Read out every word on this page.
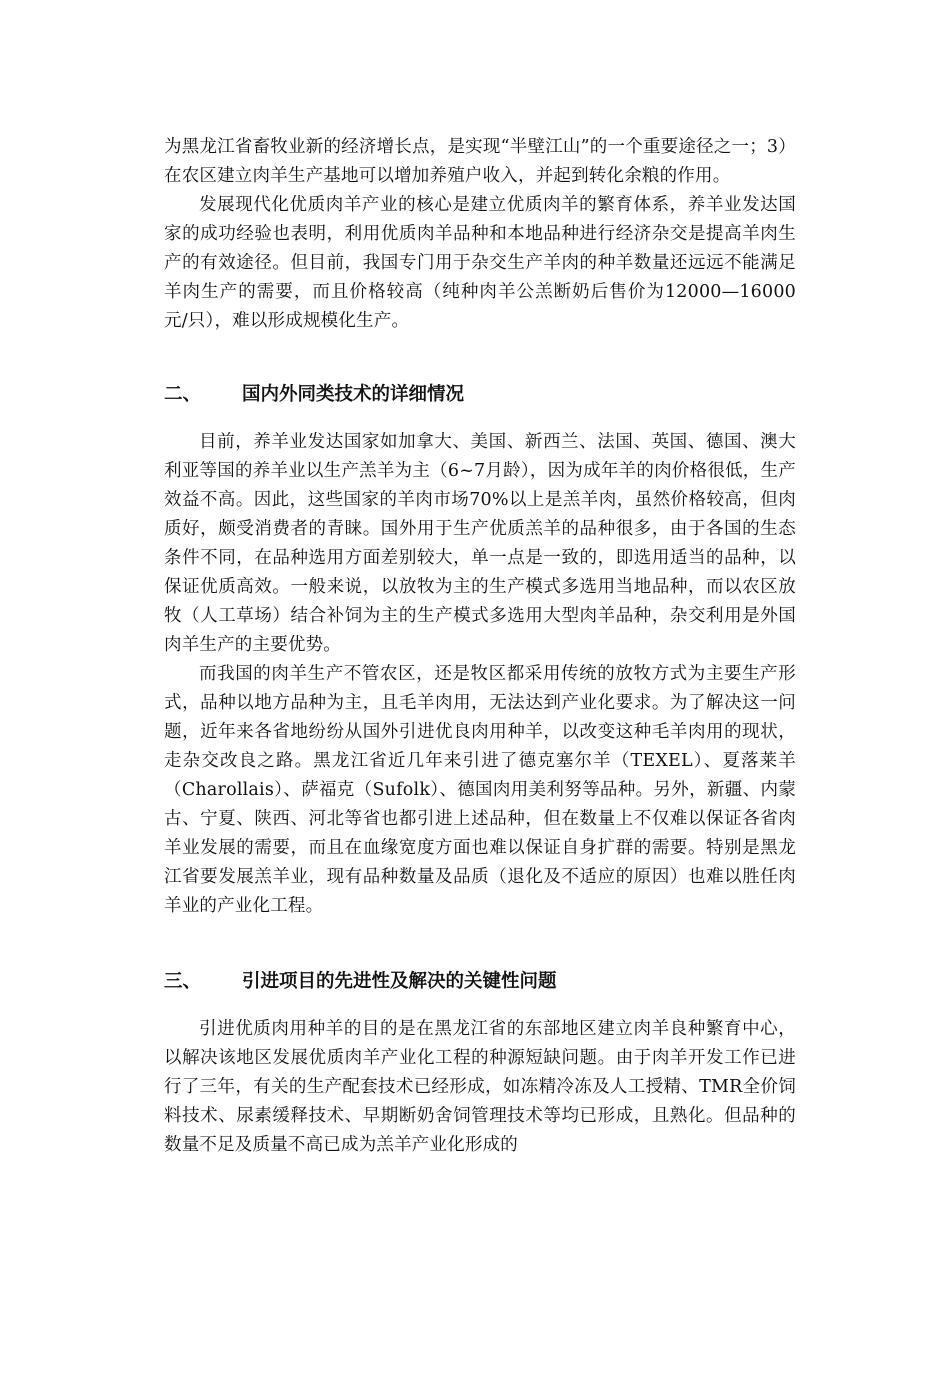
为黑龙江省畜牧业新的经济增长点，是实现“半壁江山”的一个重要途径之一；3）在农区建立肉羊生产基地可以增加养殖户收入，并起到转化余粮的作用。

发展现代化优质肉羊产业的核心是建立优质肉羊的繁育体系，养羊业发达国家的成功经验也表明，利用优质肉羊品种和本地品种进行经济杂交是提高羊肉生产的有效途径。但目前，我国专门用于杂交生产羊肉的种羊数量还远远不能满足羊肉生产的需要，而且价格较高（纯种肉羊公羔断奶后售价为12000—16000元/只），难以形成规模化生产。

二、	国内外同类技术的详细情况

目前，养羊业发达国家如加拿大、美国、新西兰、法国、英国、德国、澳大利亚等国的养羊业以生产羔羊为主（6~7月龄），因为成年羊的肉价格很低，生产效益不高。因此，这些国家的羊肉市场70%以上是羔羊肉，虽然价格较高，但肉质好，颇受消费者的青睐。国外用于生产优质羔羊的品种很多，由于各国的生态条件不同，在品种选用方面差别较大，单一点是一致的，即选用适当的品种，以保证优质高效。一般来说，以放牧为主的生产模式多选用当地品种，而以农区放牧（人工草场）结合补饲为主的生产模式多选用大型肉羊品种，杂交利用是外国肉羊生产的主要优势。

而我国的肉羊生产不管农区，还是牧区都采用传统的放牧方式为主要生产形式，品种以地方品种为主，且毛羊肉用，无法达到产业化要求。为了解决这一问题，近年来各省地纷纷从国外引进优良肉用种羊，以改变这种毛羊肉用的现状，走杂交改良之路。黑龙江省近几年来引进了德克塞尔羊（TEXEL）、夏落莱羊（Charollais）、萨福克（Sufolk）、德国肉用美利努等品种。另外，新疆、内蒙古、宁夏、陕西、河北等省也都引进上述品种，但在数量上不仅难以保证各省肉羊业发展的需要，而且在血缘宽度方面也难以保证自身扩群的需要。特别是黑龙江省要发展羔羊业，现有品种数量及品质（退化及不适应的原因）也难以胜任肉羊业的产业化工程。

三、	引进项目的先进性及解决的关键性问题

引进优质肉用种羊的目的是在黑龙江省的东部地区建立肉羊良种繁育中心，以解决该地区发展优质肉羊产业化工程的种源短缺问题。由于肉羊开发工作已进行了三年，有关的生产配套技术已经形成，如冻精冷冻及人工授精、TMR全价饲料技术、尿素缓释技术、早期断奶舍饲管理技术等均已形成，且熟化。但品种的数量不足及质量不高已成为羔羊产业化形成的
